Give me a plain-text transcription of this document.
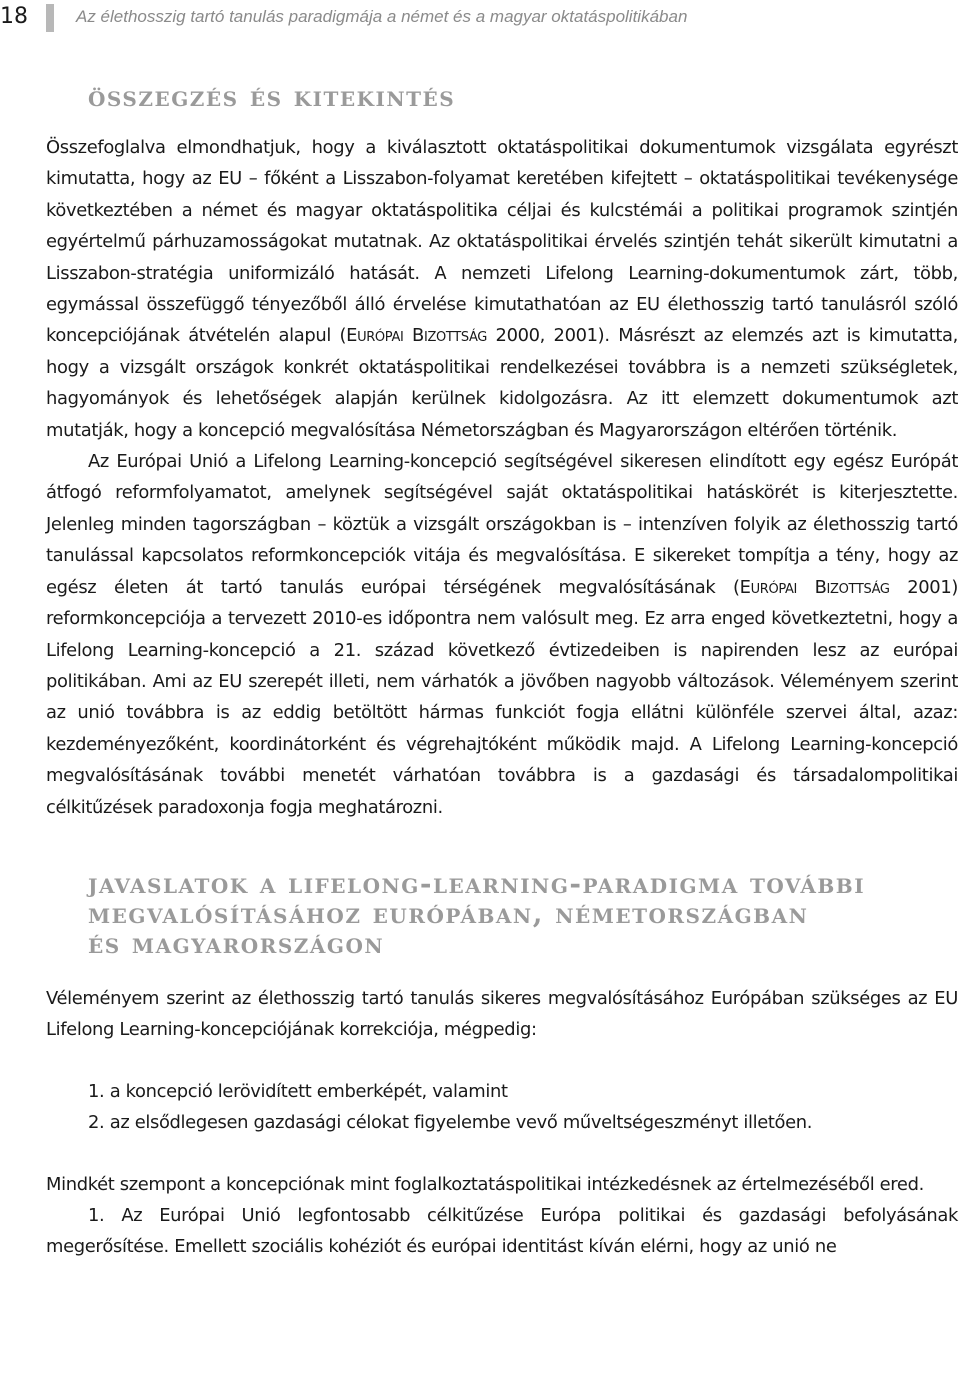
18	Az élethosszig tartó tanulás paradigmája a német és a magyar oktatáspolitikában
összegzés és kitekintés

Összefoglalva elmondhatjuk, hogy a kiválasztott oktatáspolitikai dokumentumok vizsgálata egyrészt kimutatta, hogy az EU – főként a Lisszabon-folyamat keretében kifejtett – oktatáspolitikai tevékenysége következtében a német és magyar oktatáspolitika céljai és kulcstémái a politikai programok szintjén egyértelmű párhuzamosságokat mutatnak. Az oktatáspolitikai érvelés szintjén tehát sikerült kimutatni a Lisszabon-stratégia uniformizáló hatását. A nemzeti Lifelong Learning-dokumentumok zárt, több, egymással összefüggő tényezőből álló érvelése kimutathatóan az EU élethosszig tartó tanulásról szóló koncepciójának átvételén alapul (Európai Bizottság 2000, 2001). Másrészt az elemzés azt is kimutatta, hogy a vizsgált országok konkrét oktatáspolitikai rendelkezései továbbra is a nemzeti szükségletek, hagyományok és lehetőségek alapján kerülnek kidolgozásra. Az itt elemzett dokumentumok azt mutatják, hogy a koncepció megvalósítása Németországban és Magyarországon eltérően történik.

Az Európai Unió a Lifelong Learning-koncepció segítségével sikeresen elindított egy egész Európát átfogó reformfolyamatot, amelynek segítségével saját oktatáspolitikai hatáskörét is kiterjesztette. Jelenleg minden tagországban – köztük a vizsgált országokban is – intenzíven folyik az élethosszig tartó tanulással kapcsolatos reformkoncepciók vitája és megvalósítása. E sikereket tompítja a tény, hogy az egész életen át tartó tanulás európai térségének megvalósításának (Európai Bizottság 2001) reformkoncepciója a tervezett 2010-es időpontra nem valósult meg. Ez arra enged következtetni, hogy a Lifelong Learning-koncepció a 21. század következő évtizedeiben is napirenden lesz az európai politikában. Ami az EU szerepét illeti, nem várhatók a jövőben nagyobb változások. Véleményem szerint az unió továbbra is az eddig betöltött hármas funkciót fogja ellátni különféle szervei által, azaz: kezdeményezőként, koordinátorként és végrehajtóként működik majd. A Lifelong Learning-koncepció megvalósításának további menetét várhatóan továbbra is a gazdasági és társadalompolitikai célkitűzések paradoxonja fogja meghatározni.

javaslatok a lifelong-learning-paradigma további
megvalósításához európában, németországban
és magyarországon

Véleményem szerint az élethosszig tartó tanulás sikeres megvalósításához Európában szükséges az EU Lifelong Learning-koncepciójának korrekciója, mégpedig:

1. a koncepció lerövidített emberképét, valamint
2. az elsődlegesen gazdasági célokat figyelembe vevő műveltségeszményt illetően.

Mindkét szempont a koncepciónak mint foglalkoztatáspolitikai intézkedésnek az értelmezéséből ered.

1. Az Európai Unió legfontosabb célkitűzése Európa politikai és gazdasági befolyásának megerősítése. Emellett szociális kohéziót és európai identitást kíván elérni, hogy az unió ne
